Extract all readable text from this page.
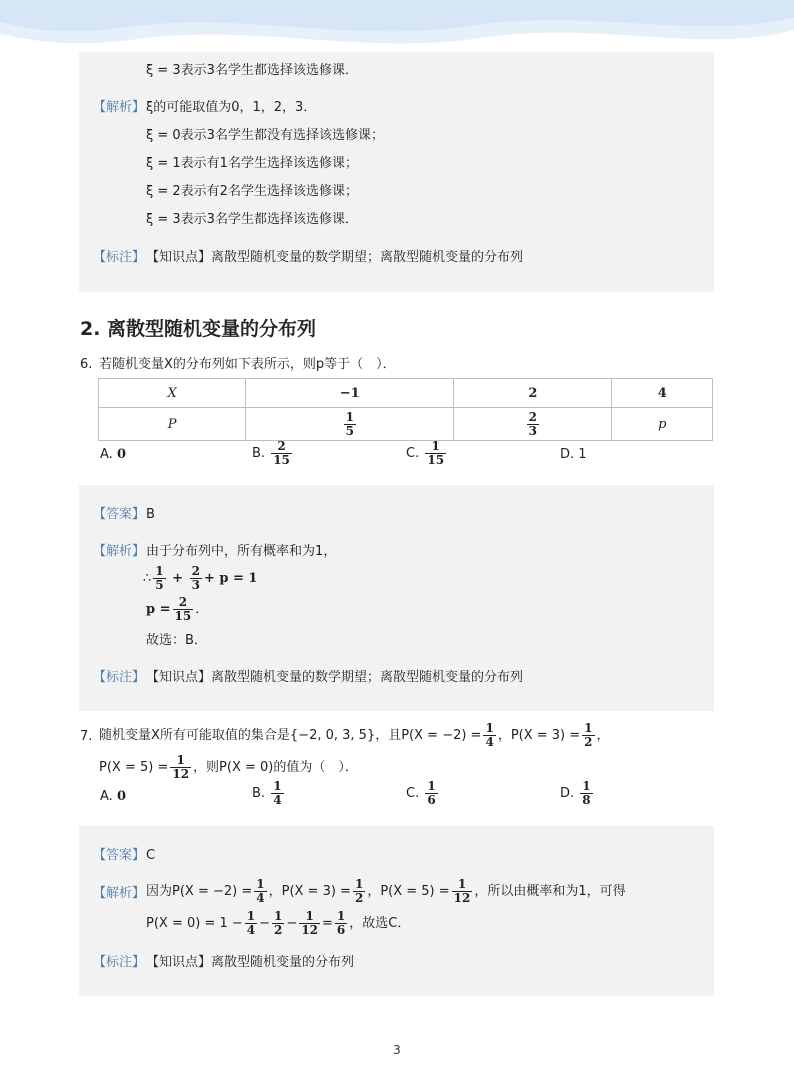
ξ = 3表示3名学生都选择该选修课．
【解析】 ξ的可能取值为0，1，2，3．
ξ = 0表示3名学生都没有选择该选修课；
ξ = 1表示有1名学生选择该选修课；
ξ = 2表示有2名学生选择该选修课；
ξ = 3表示3名学生都选择该选修课．
【标注】 【知识点】离散型随机变量的数学期望；离散型随机变量的分布列
2. 离散型随机变量的分布列
6. 若随机变量X的分布列如下表所示，则p等于（　）．
X	−1	2	4
P	$\frac{1}{5}$	$\frac{2}{3}$	p
A. 0	B. $\frac{2}{15}$	C. $\frac{1}{15}$	D. 1
【答案】 B
【解析】 由于分布列中，所有概率和为1，
∴ $\frac{1}{5} + \frac{2}{3} + p = 1$
$p = \frac{2}{15}$ ．
故选：B．
【标注】 【知识点】离散型随机变量的数学期望；离散型随机变量的分布列
7. 随机变量X所有可能取值的集合是{−2, 0, 3, 5}，且$P(X = -2) = \frac{1}{4}$ ，$P(X = 3) = \frac{1}{2}$ ，
$P(X = 5) = \frac{1}{12}$ ，则P(X = 0)的值为（　）．
A. 0	B. $\frac{1}{4}$	C. $\frac{1}{6}$	D. $\frac{1}{8}$
【答案】 C
【解析】 因为$P(X = -2) = \frac{1}{4}$ ，$P(X = 3) = \frac{1}{2}$ ，$P(X = 5) = \frac{1}{12}$ ，所以由概率和为1，可得
$P(X = 0) = 1 - \frac{1}{4} - \frac{1}{2} - \frac{1}{12} = \frac{1}{6}$ ，故选C．
【标注】 【知识点】离散型随机变量的分布列
3
